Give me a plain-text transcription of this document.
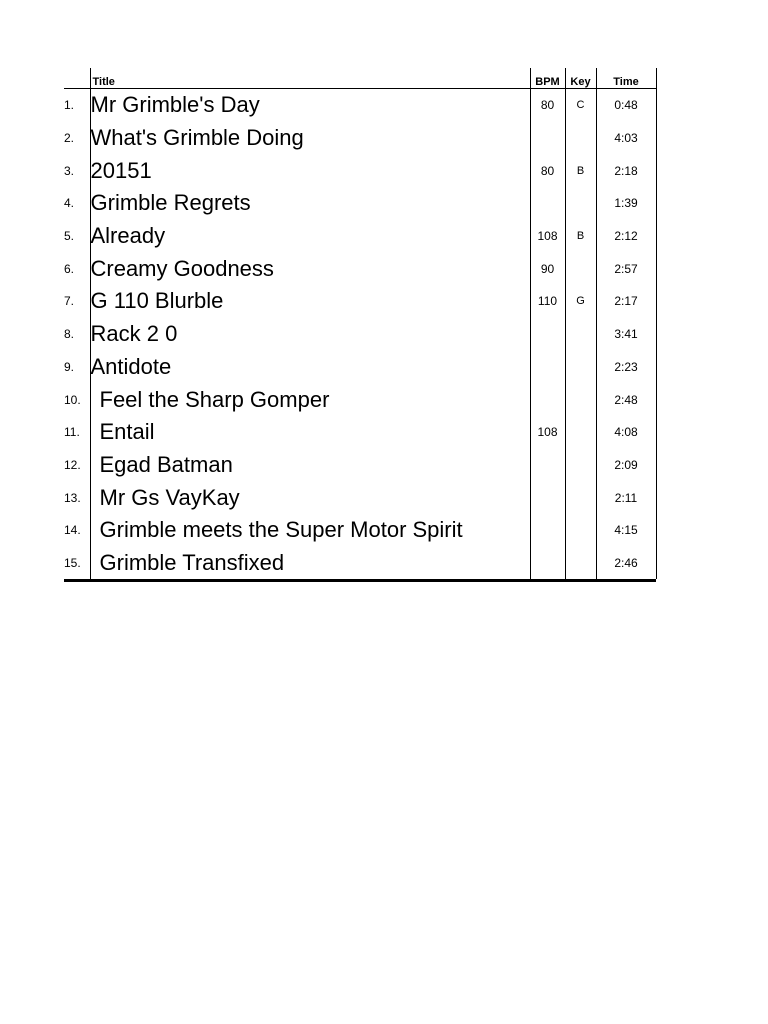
	Title	BPM	Key	Time
1.	Mr Grimble's Day	80	C	0:48
2.	What's Grimble Doing			4:03
3.	20151	80	B	2:18
4.	Grimble Regrets			1:39
5.	Already	108	B	2:12
6.	Creamy Goodness	90		2:57
7.	G 110 Blurble	110	G	2:17
8.	Rack 2 0			3:41
9.	Antidote			2:23
10.	Feel the Sharp Gomper			2:48
11.	Entail	108		4:08
12.	Egad Batman			2:09
13.	Mr Gs VayKay			2:11
14.	Grimble meets the Super Motor Spirit			4:15
15.	Grimble Transfixed			2:46
